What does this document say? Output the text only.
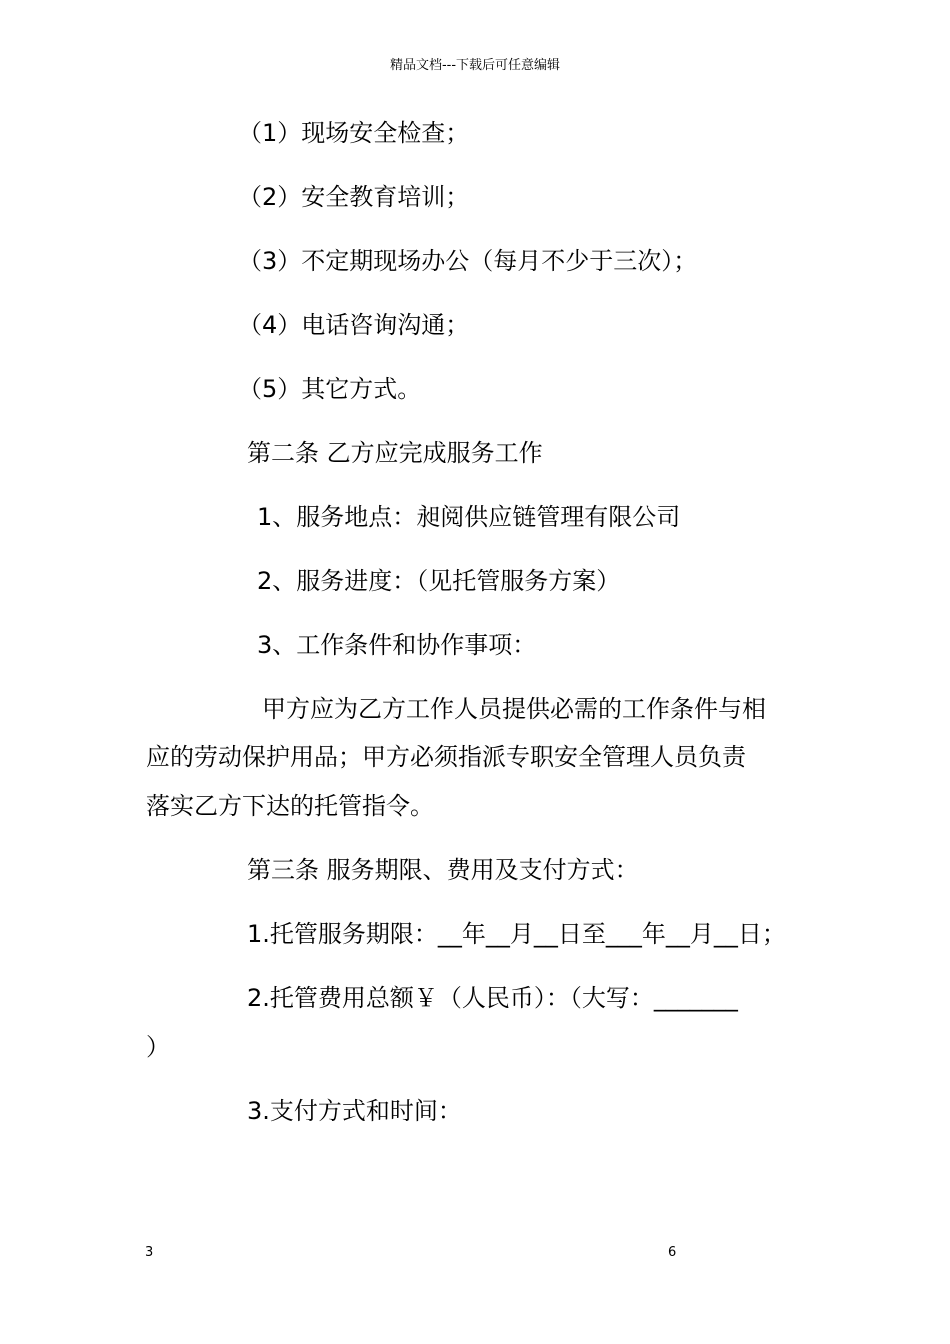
精品文档---下载后可任意编辑
（1）现场安全检查；
（2）安全教育培训；
（3）不定期现场办公（每月不少于三次）；
（4）电话咨询沟通；
（5）其它方式。
第二条 乙方应完成服务工作
1、服务地点：昶阅供应链管理有限公司
2、服务进度：（见托管服务方案）
3、工作条件和协作事项：
甲方应为乙方工作人员提供必需的工作条件与相
应的劳动保护用品；甲方必须指派专职安全管理人员负责
落实乙方下达的托管指令。
第三条 服务期限、费用及支付方式：
1.托管服务期限：__年__月__日至___年__月__日；
2.托管费用总额￥（人民币）：（大写：_______
）
3.支付方式和时间：
3	6
